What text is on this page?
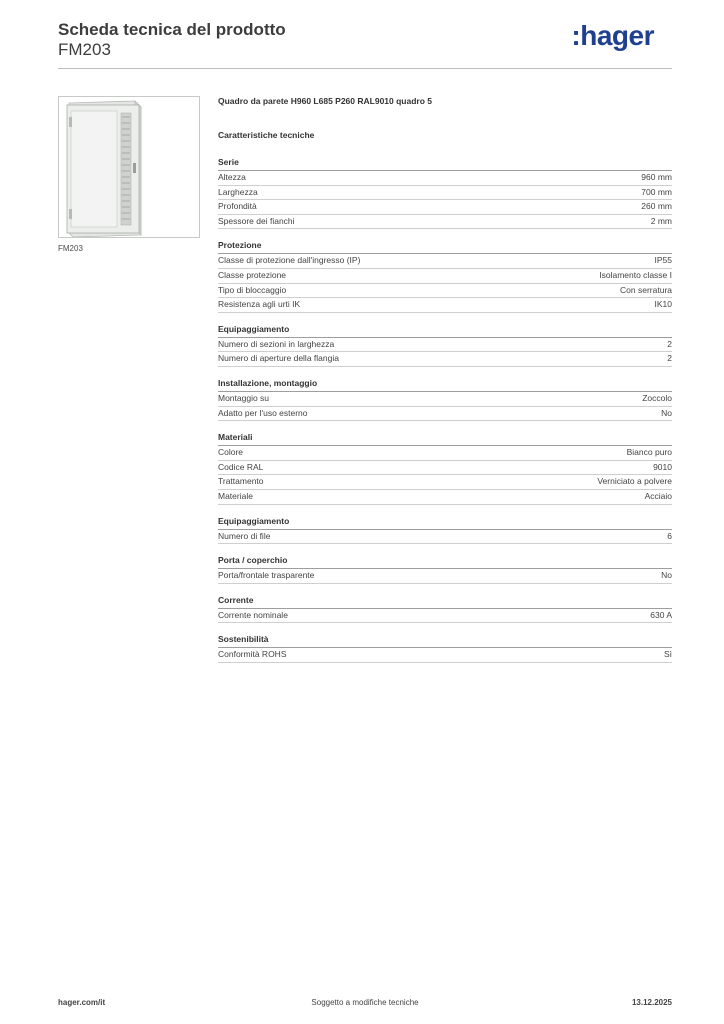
Scheda tecnica del prodotto
FM203	:hager
FM203
Quadro da parete H960 L685 P260 RAL9010 quadro 5
Caratteristiche tecniche
Serie
Altezza	960 mm
Larghezza	700 mm
Profondità	260 mm
Spessore dei fianchi	2 mm
Protezione
Classe di protezione dall'ingresso (IP)	IP55
Classe protezione	Isolamento classe I
Tipo di bloccaggio	Con serratura
Resistenza agli urti IK	IK10
Equipaggiamento
Numero di sezioni in larghezza	2
Numero di aperture della flangia	2
Installazione, montaggio
Montaggio su	Zoccolo
Adatto per l'uso esterno	No
Materiali
Colore	Bianco puro
Codice RAL	9010
Trattamento	Verniciato a polvere
Materiale	Acciaio
Equipaggiamento
Numero di file	6
Porta / coperchio
Porta/frontale trasparente	No
Corrente
Corrente nominale	630 A
Sostenibilità
Conformità ROHS	Sì
hager.com/it	Soggetto a modifiche tecniche	13.12.2025
